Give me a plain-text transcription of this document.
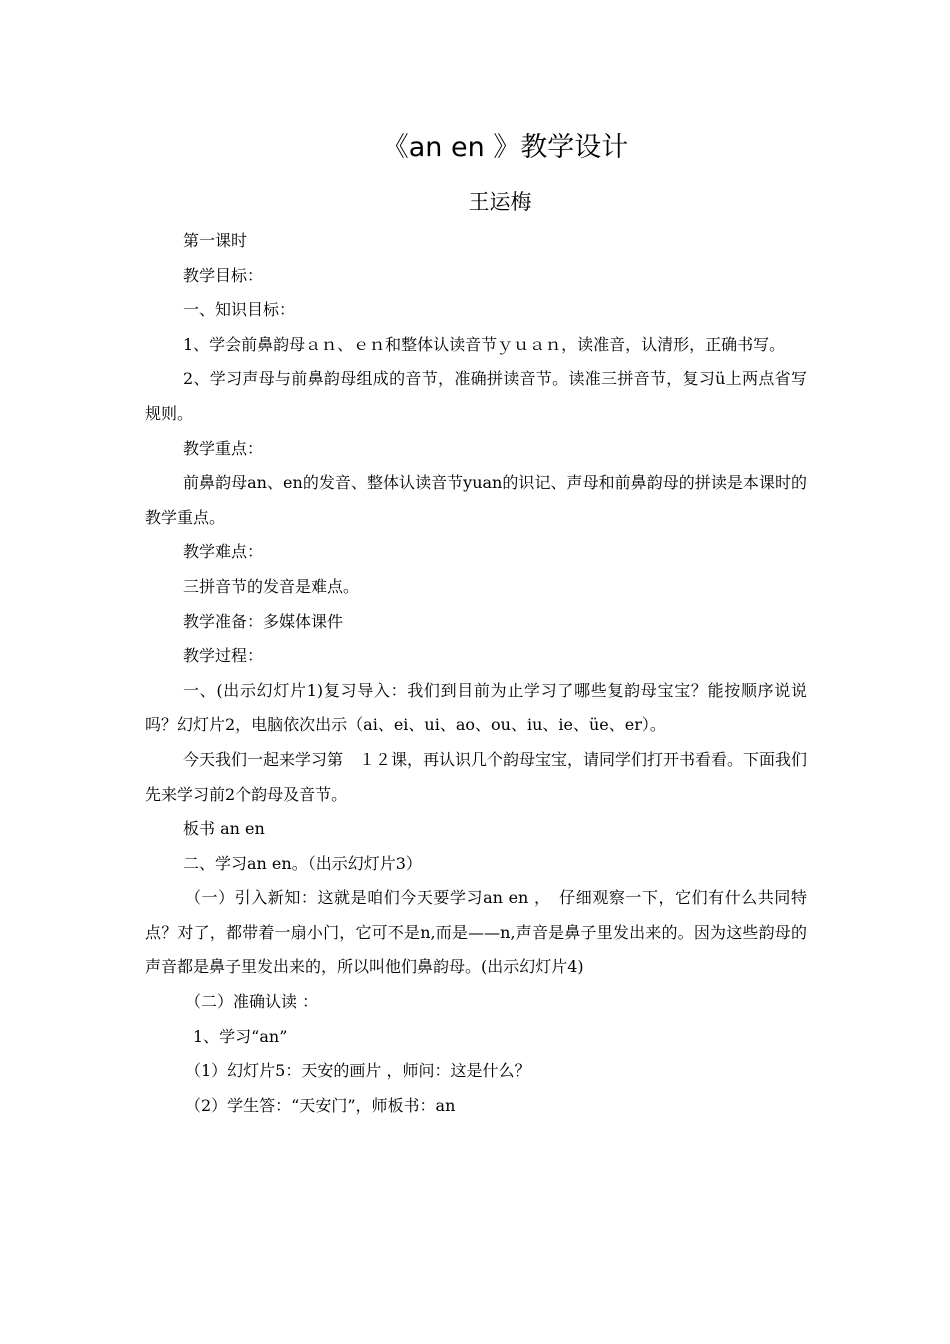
《an en 》教学设计
王运梅

第一课时

教学目标：

一、知识目标：

1、学会前鼻韵母ａｎ、ｅｎ和整体认读音节ｙｕａｎ，读准音，认清形，正确书写。

2、学习声母与前鼻韵母组成的音节，准确拼读音节。读准三拼音节，复习ü上两点省写规则。

教学重点：

前鼻韵母an、en的发音、整体认读音节yuan的识记、声母和前鼻韵母的拼读是本课时的教学重点。

教学难点：

三拼音节的发音是难点。

教学准备：多媒体课件

教学过程：

一、(出示幻灯片1)复习导入：我们到目前为止学习了哪些复韵母宝宝？能按顺序说说吗？幻灯片2，电脑依次出示（ai、ei、ui、ao、ou、iu、ie、üe、er）。

今天我们一起来学习第　１２课，再认识几个韵母宝宝，请同学们打开书看看。下面我们先来学习前2个韵母及音节。

板书 an en

二、学习an en。（出示幻灯片3）

（一）引入新知：这就是咱们今天要学习an en ，　仔细观察一下，它们有什么共同特点？对了，都带着一扇小门，它可不是n,而是——n,声音是鼻子里发出来的。因为这些韵母的声音都是鼻子里发出来的，所以叫他们鼻韵母。(出示幻灯片4)

（二）准确认读 ：

1、学习“an”

（1）幻灯片5：天安的画片 ，师问：这是什么？

（2）学生答：“天安门”，师板书：an
